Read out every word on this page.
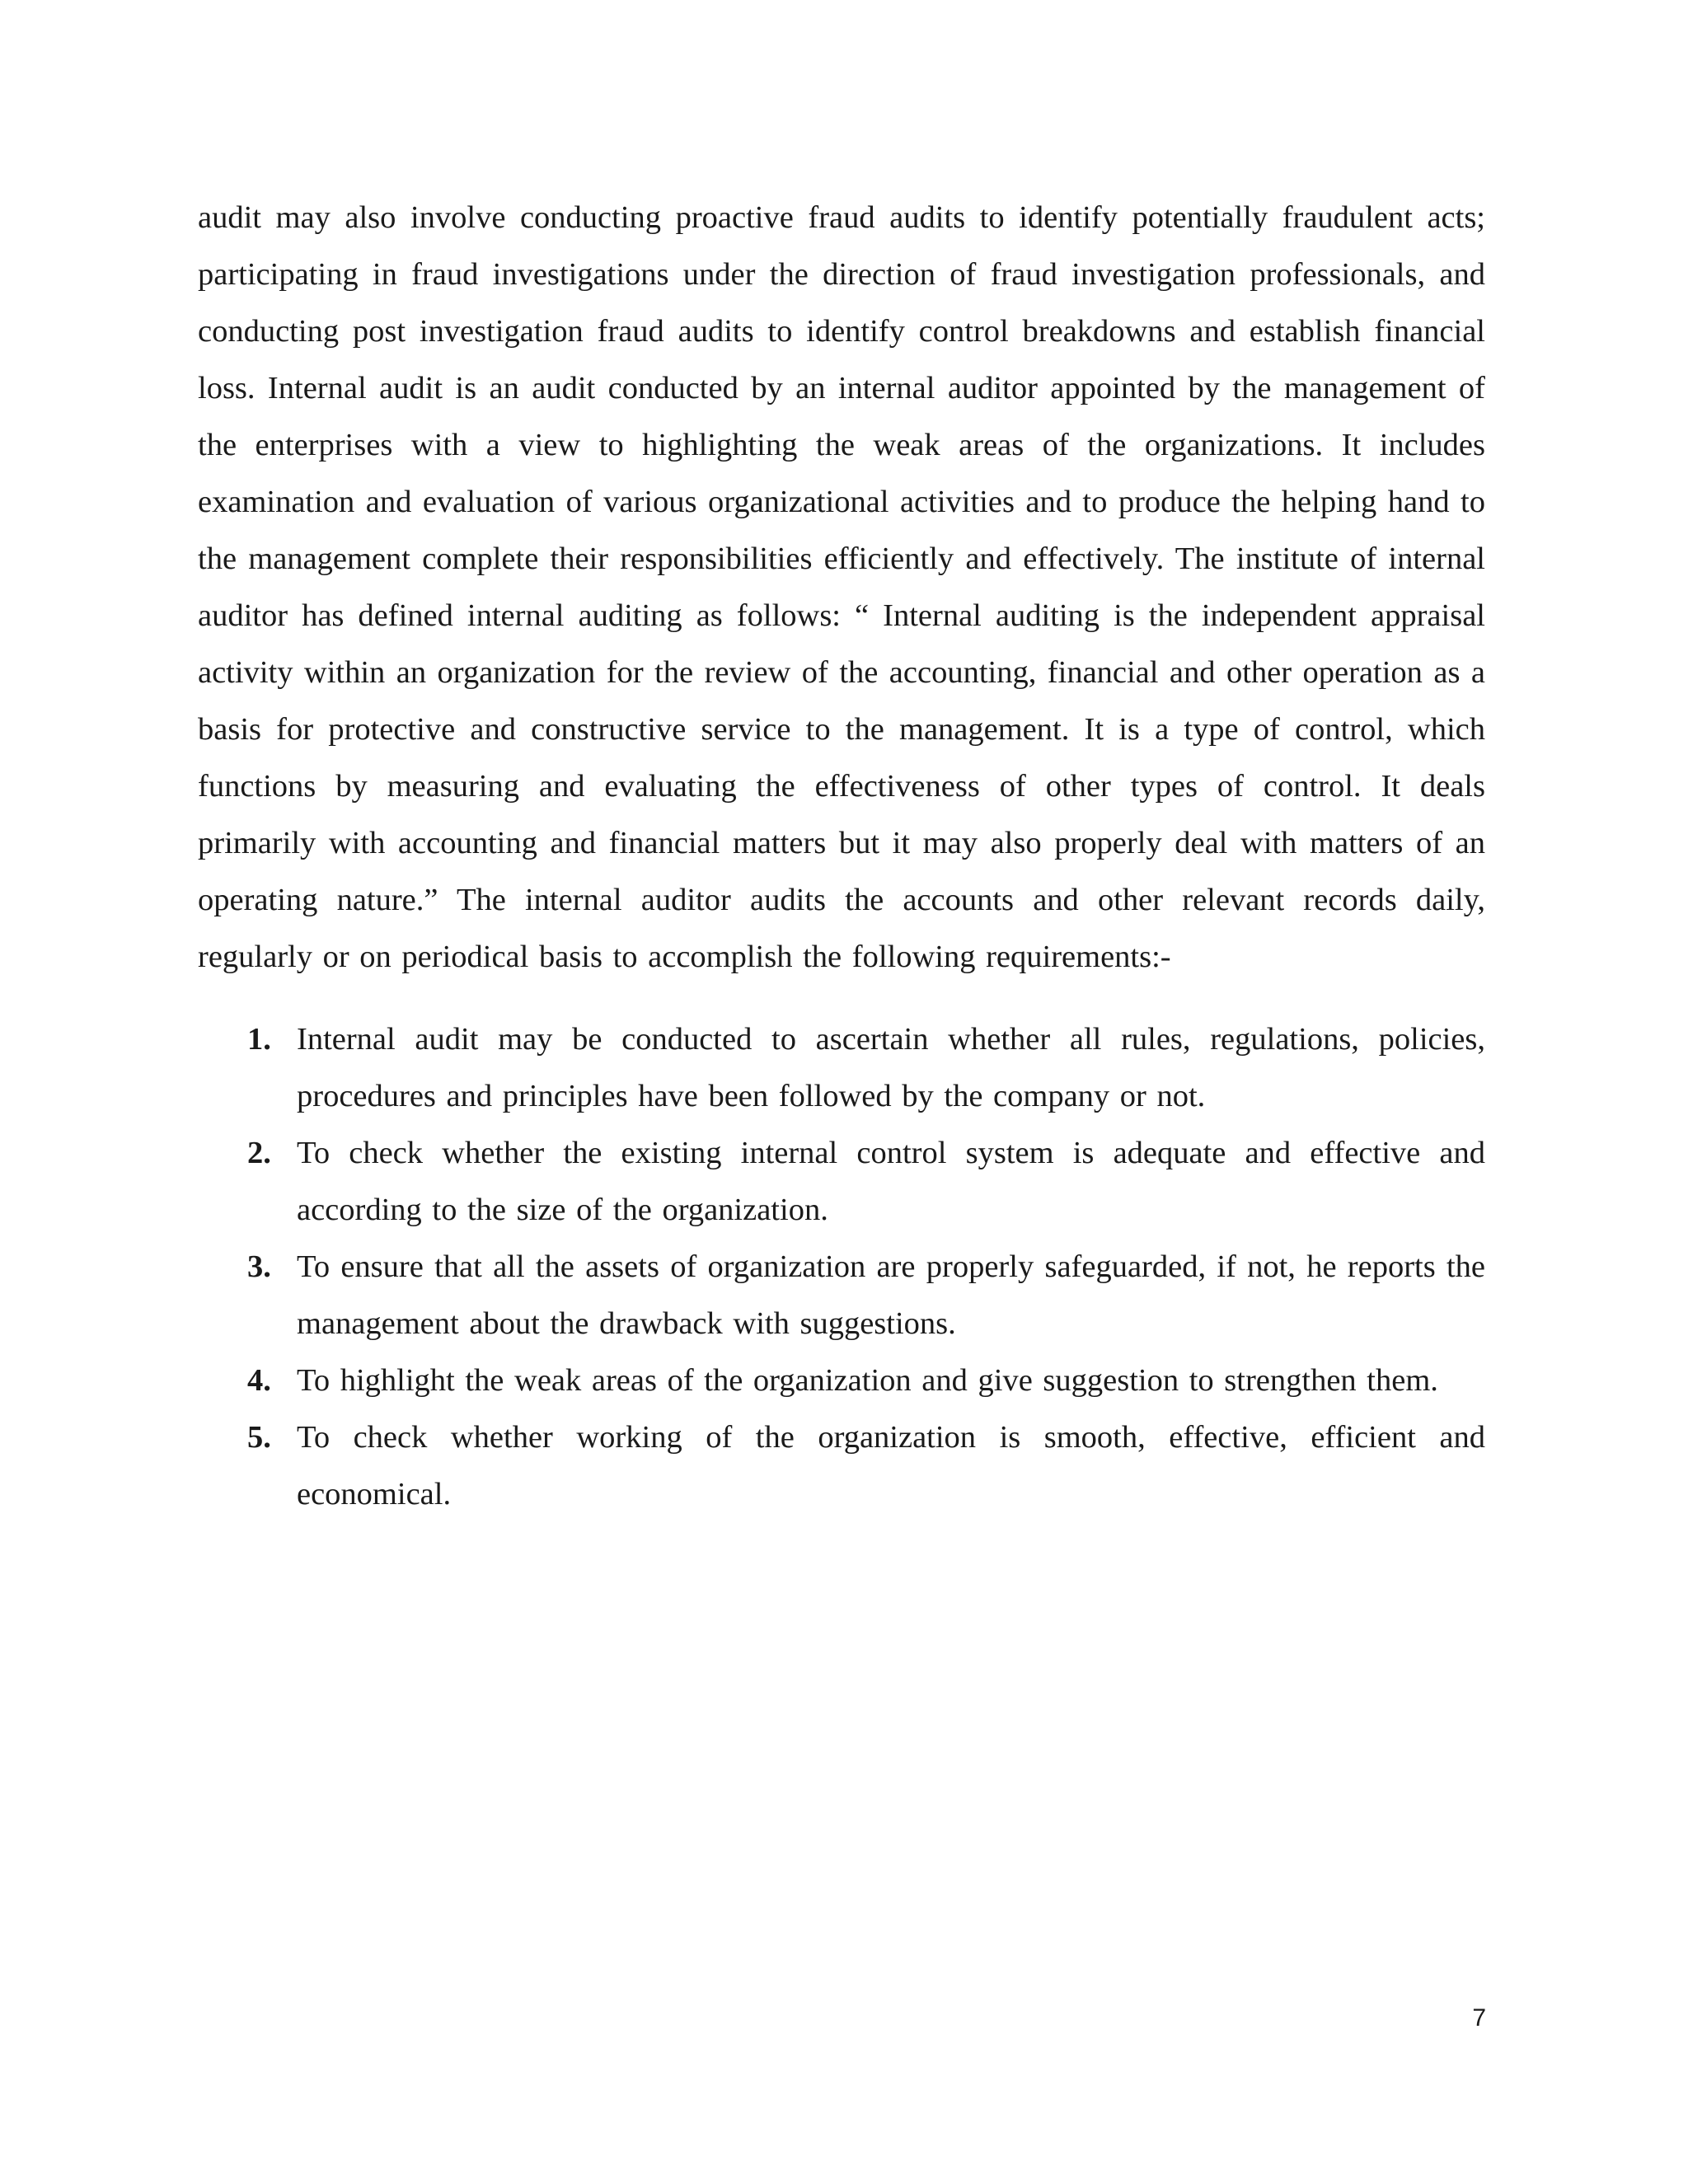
audit may also involve conducting proactive fraud audits to identify potentially fraudulent acts; participating in fraud investigations under the direction of fraud investigation professionals, and conducting post investigation fraud audits to identify control breakdowns and establish financial loss. Internal audit is an audit conducted by an internal auditor appointed by the management of the enterprises with a view to highlighting the weak areas of the organizations. It includes examination and evaluation of various organizational activities and to produce the helping hand to the management complete their responsibilities efficiently and effectively. The institute of internal auditor has defined internal auditing as follows: “ Internal auditing is the independent appraisal activity within an organization for the review of the accounting, financial and other operation as a basis for protective and constructive service to the management. It is a type of control, which functions by measuring and evaluating the effectiveness of other types of control. It deals primarily with accounting and financial matters but it may also properly deal with matters of an operating nature.” The internal auditor audits the accounts and other relevant records daily, regularly or on periodical basis to accomplish the following requirements:-

1. Internal audit may be conducted to ascertain whether all rules, regulations, policies, procedures and principles have been followed by the company or not.
2. To check whether the existing internal control system is adequate and effective and according to the size of the organization.
3. To ensure that all the assets of organization are properly safeguarded, if not, he reports the management about the drawback with suggestions.
4. To highlight the weak areas of the organization and give suggestion to strengthen them.
5. To check whether working of the organization is smooth, effective, efficient and economical.
7
